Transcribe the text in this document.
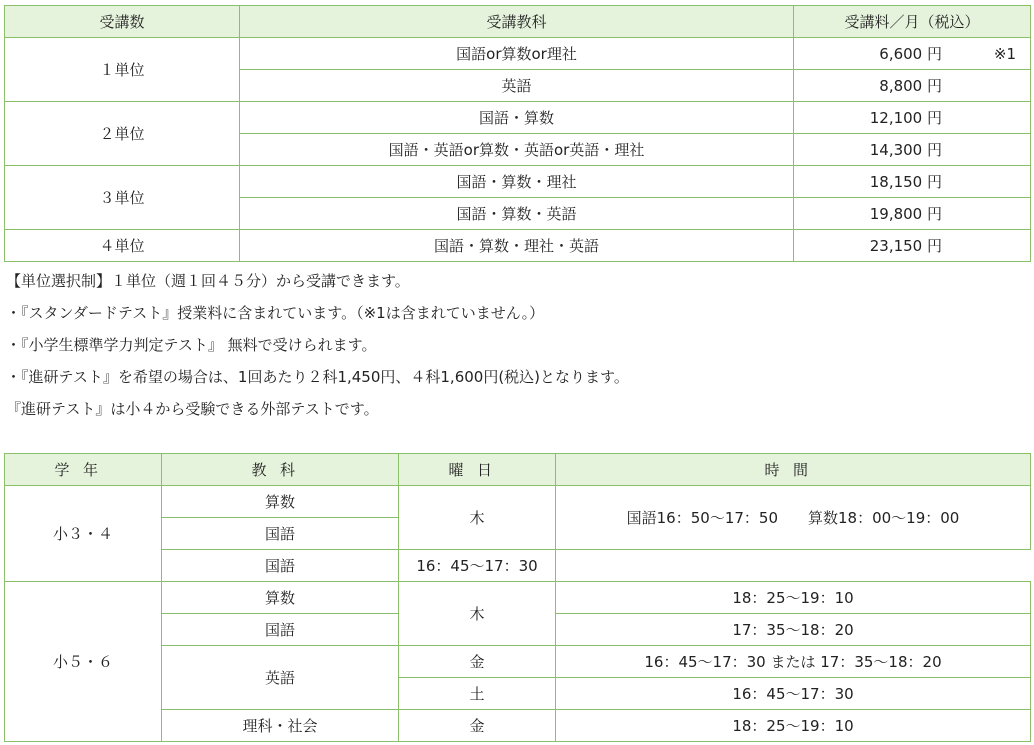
受講数	受講教科	受講料／月（税込）
１単位	国語or算数or理社	6,600 円 ※1

	英語	8,800 円
２単位	国語・算数	12,100 円
	国語・英語or算数・英語or英語・理社	14,300 円
３単位	国語・算数・理社	18,150 円
	国語・算数・英語	19,800 円
４単位	国語・算数・理社・英語	23,150 円
【単位選択制】１単位（週１回４５分）から受講できます。
・『スタンダードテスト』授業料に含まれています。（※1は含まれていません。）
・『小学生標準学力判定テスト』 無料で受けられます。
・『進研テスト』を希望の場合は、1回あたり２科1,450円、４科1,600円(税込)となります。
『進研テスト』は小４から受験できる外部テストです。
学年	教科	曜日	時間
小３・４	算数	木	国語16：50〜17：50　　算数18：00〜19：00
	国語		
	国語	16：45〜17：30	
小５・６	算数	木	18：25〜19：10
	国語		17：35〜18：20
	英語	金	16：45〜17：30 または 17：35〜18：20
		土	16：45〜17：30
	理科・社会	金	18：25〜19：10
